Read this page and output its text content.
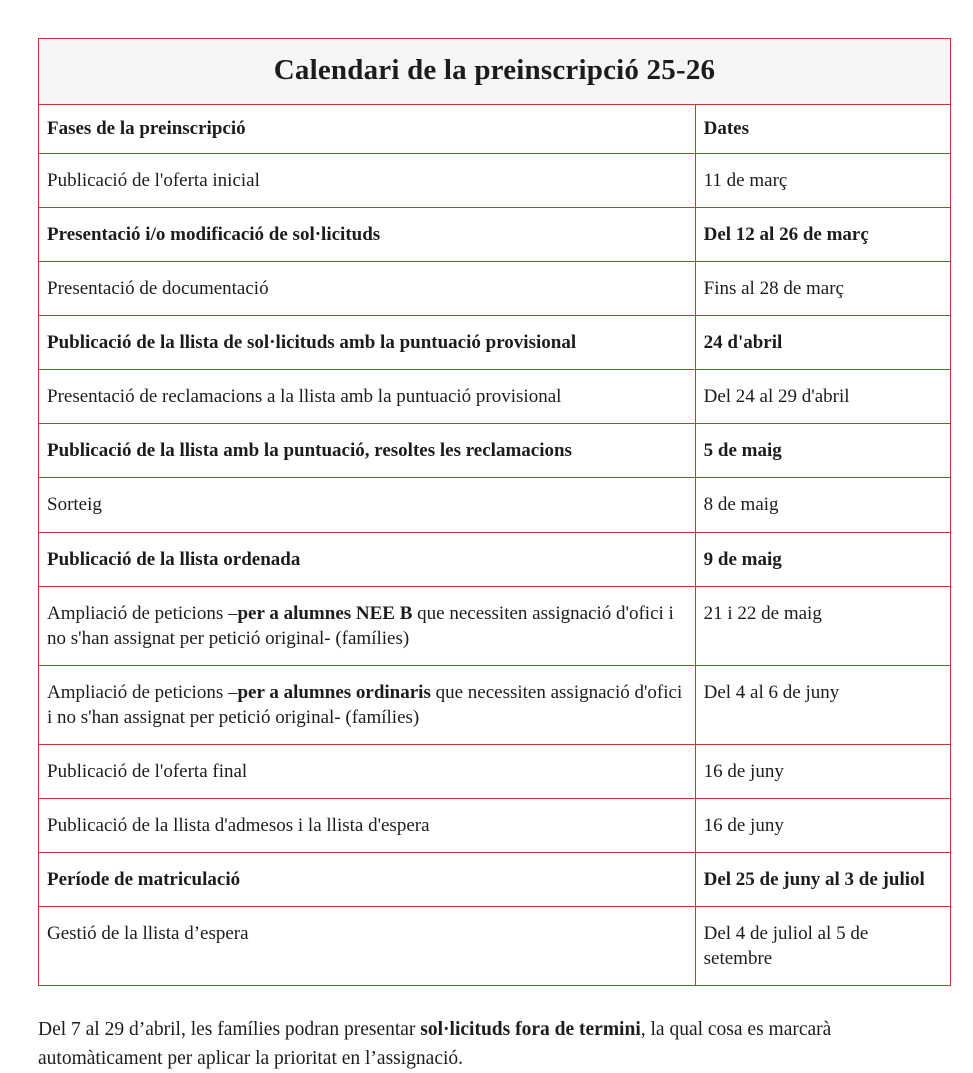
Calendari de la preinscripció 25-26	
Fases de la preinscripció	Dates
Publicació de l'oferta inicial	11 de març
Presentació i/o modificació de sol·licituds	Del 12 al 26 de març
Presentació de documentació	Fins al 28 de març
Publicació de la llista de sol·licituds amb la puntuació provisional	24 d'abril
Presentació de reclamacions a la llista amb la puntuació provisional	Del 24 al 29 d'abril
Publicació de la llista amb la puntuació, resoltes les reclamacions	5 de maig
Sorteig	8 de maig
Publicació de la llista ordenada	9 de maig
Ampliació de peticions –per a alumnes NEE B que necessiten assignació d'ofici i no s'han assignat per petició original- (famílies)	21 i 22 de maig
Ampliació de peticions –per a alumnes ordinaris que necessiten assignació d'ofici i no s'han assignat per petició original- (famílies)	Del 4 al 6 de juny
Publicació de l'oferta final	16 de juny
Publicació de la llista d'admesos i la llista d'espera	16 de juny
Període de matriculació	Del 25 de juny al 3 de juliol
Gestió de la llista d’espera	Del 4 de juliol al 5 de setembre

Del 7 al 29 d’abril, les famílies podran presentar sol·licituds fora de termini, la qual cosa es marcarà automàticament per aplicar la prioritat en l’assignació.
